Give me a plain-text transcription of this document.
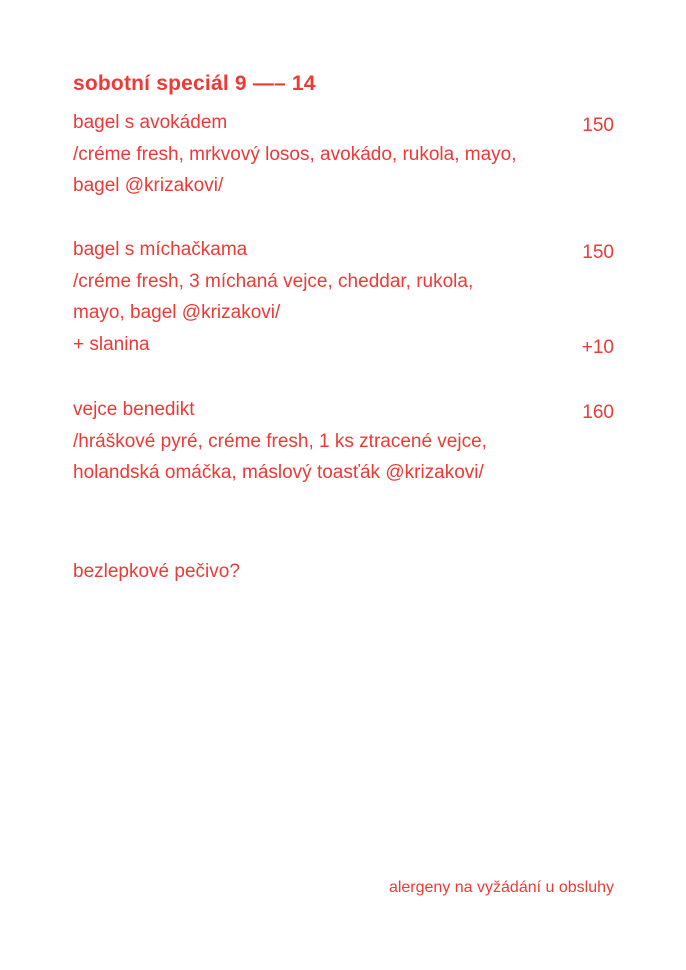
sobotní speciál 9 —– 14
bagel s avokádem	150
/créme fresh, mrkvový losos, avokádo, rukola, mayo,
bagel @krizakovi/
bagel s míchačkama	150
/créme fresh, 3 míchaná vejce, cheddar, rukola,
mayo, bagel @krizakovi/
+ slanina	+10
vejce benedikt	160
/hráškové pyré, créme fresh, 1 ks ztracené vejce,
holandská omáčka, máslový toasťák @krizakovi/
bezlepkové pečivo?
alergeny na vyžádání u obsluhy
